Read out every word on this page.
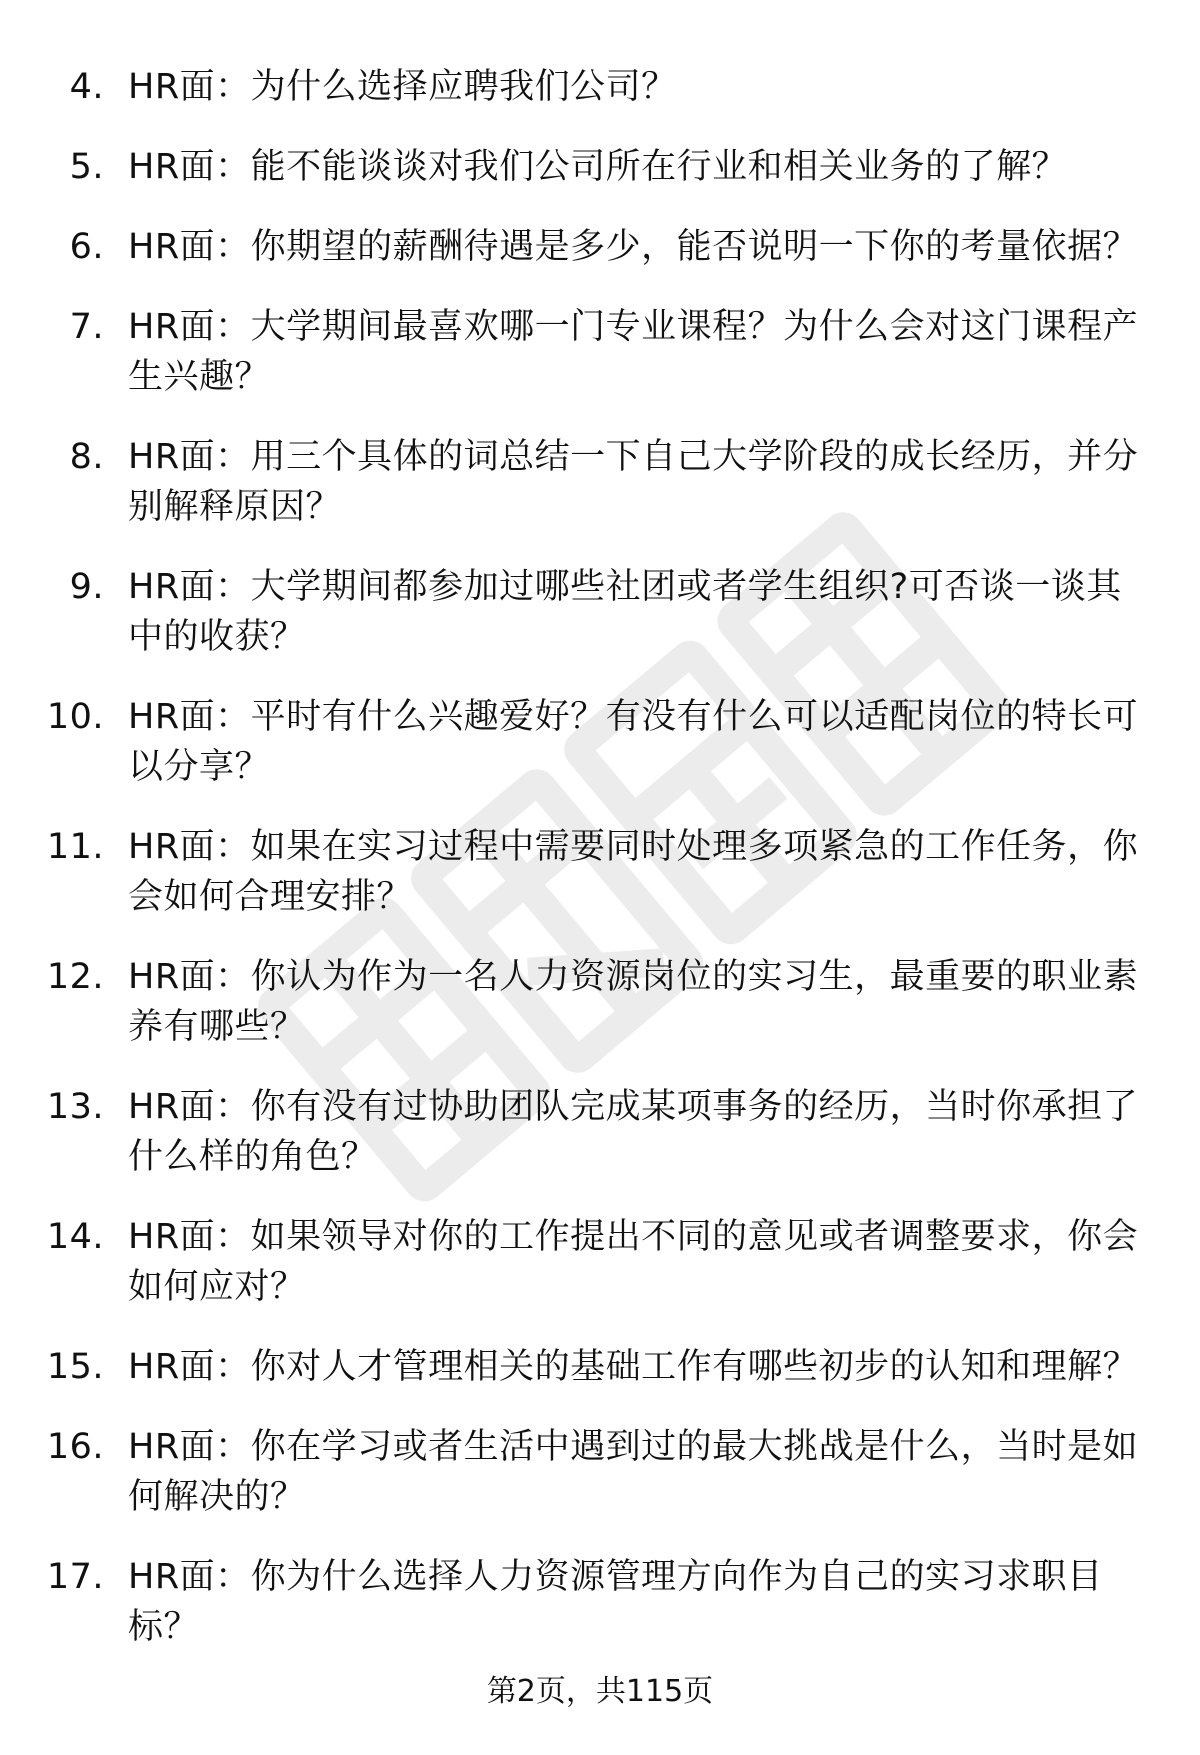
4. HR面：为什么选择应聘我们公司？
5. HR面：能不能谈谈对我们公司所在行业和相关业务的了解？
6. HR面：你期望的薪酬待遇是多少，能否说明一下你的考量依据？
7. HR面：大学期间最喜欢哪一门专业课程？为什么会对这门课程产生兴趣？
8. HR面：用三个具体的词总结一下自己大学阶段的成长经历，并分别解释原因？
9. HR面：大学期间都参加过哪些社团或者学生组织?可否谈一谈其中的收获？
10. HR面：平时有什么兴趣爱好？有没有什么可以适配岗位的特长可以分享？
11. HR面：如果在实习过程中需要同时处理多项紧急的工作任务，你会如何合理安排？
12. HR面：你认为作为一名人力资源岗位的实习生，最重要的职业素养有哪些？
13. HR面：你有没有过协助团队完成某项事务的经历，当时你承担了什么样的角色？
14. HR面：如果领导对你的工作提出不同的意见或者调整要求，你会如何应对？
15. HR面：你对人才管理相关的基础工作有哪些初步的认知和理解？
16. HR面：你在学习或者生活中遇到过的最大挑战是什么，当时是如何解决的？
17. HR面：你为什么选择人力资源管理方向作为自己的实习求职目标？
第2页，共115页
